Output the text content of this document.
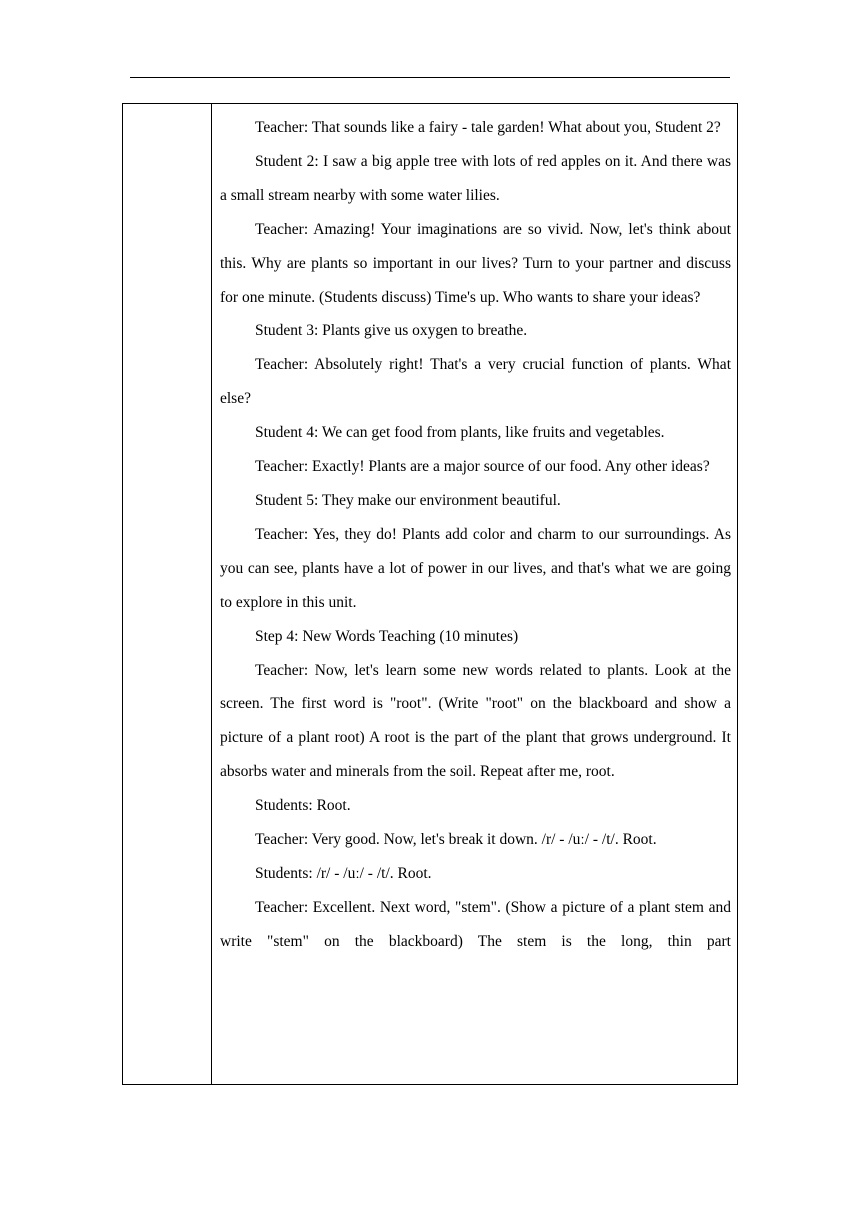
Teacher: That sounds like a fairy - tale garden! What about you, Student 2?

Student 2: I saw a big apple tree with lots of red apples on it. And there was a small stream nearby with some water lilies.

Teacher: Amazing! Your imaginations are so vivid. Now, let's think about this. Why are plants so important in our lives? Turn to your partner and discuss for one minute. (Students discuss) Time's up. Who wants to share your ideas?

Student 3: Plants give us oxygen to breathe.

Teacher: Absolutely right! That's a very crucial function of plants. What else?

Student 4: We can get food from plants, like fruits and vegetables.

Teacher: Exactly! Plants are a major source of our food. Any other ideas?

Student 5: They make our environment beautiful.

Teacher: Yes, they do! Plants add color and charm to our surroundings. As you can see, plants have a lot of power in our lives, and that's what we are going to explore in this unit.

Step 4: New Words Teaching (10 minutes)

Teacher: Now, let's learn some new words related to plants. Look at the screen. The first word is "root". (Write "root" on the blackboard and show a picture of a plant root) A root is the part of the plant that grows underground. It absorbs water and minerals from the soil. Repeat after me, root.

Students: Root.

Teacher: Very good. Now, let's break it down. /r/ - /uː/ - /t/. Root.

Students: /r/ - /uː/ - /t/. Root.

Teacher: Excellent. Next word, "stem". (Show a picture of a plant stem and write "stem" on the blackboard) The stem is the long, thin part
